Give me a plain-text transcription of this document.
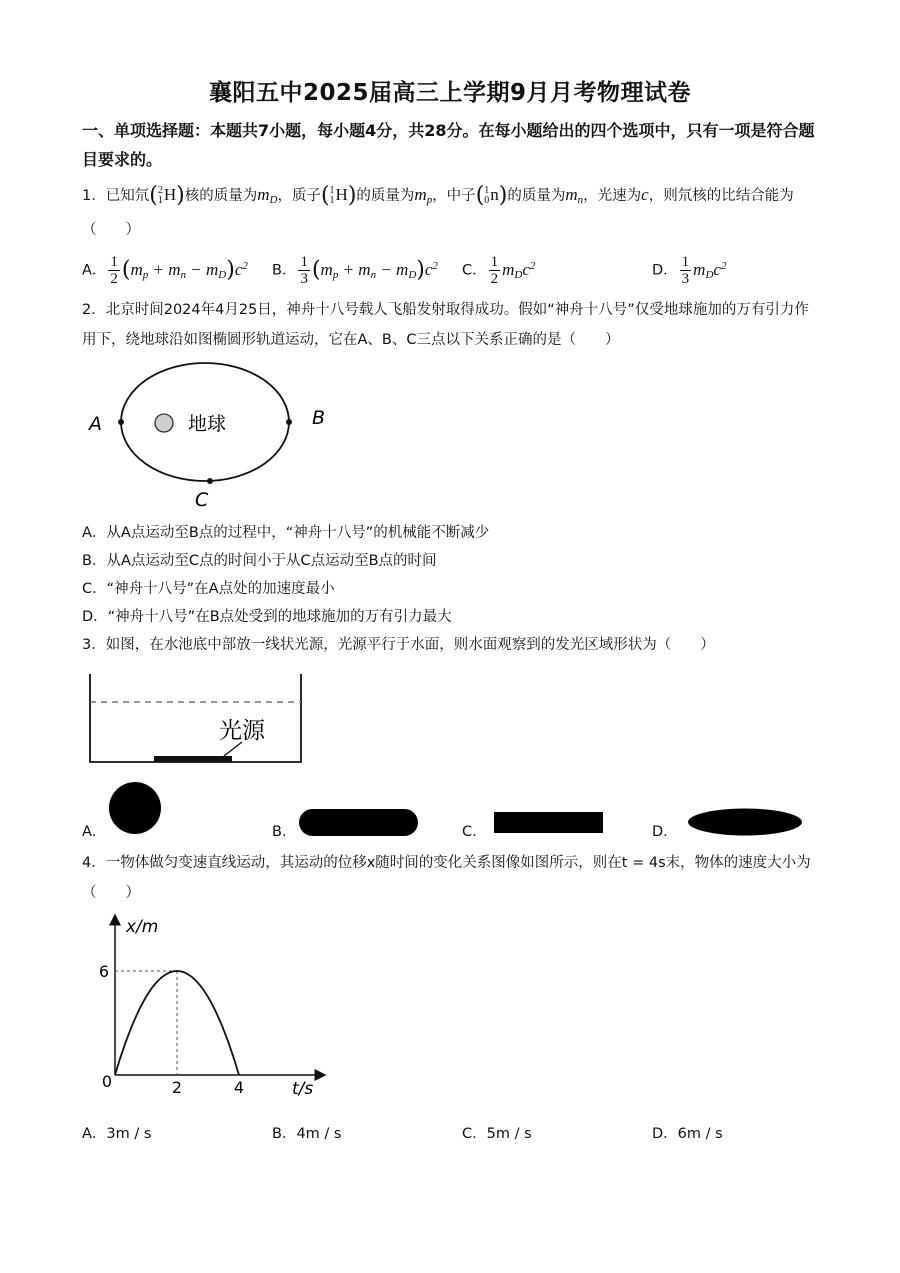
襄阳五中2025届高三上学期9月月考物理试卷
一、单项选择题：本题共7小题，每小题4分，共28分。在每小题给出的四个选项中，只有一项是符合题目要求的。
1．已知氘(2
1H)核的质量为$m_D$，质子(1
1H)的质量为$m_p$，中子(1
0n)的质量为$m_n$，光速为c，则氘核的比结合能为（　　）
A． $\frac{1}{2} (m_p + m_n - m_D)c^2$ B． $\frac{1}{3} (m_p + m_n - m_D)c^2$ C． $\frac{1}{2} m_Dc^2$	D． $\frac{1}{3} m_Dc^2$
2．北京时间2024年4月25日，神舟十八号载人飞船发射取得成功。假如“神舟十八号”仅受地球施加的万有引力作用下，绕地球沿如图椭圆形轨道运动，它在A、B、C三点以下关系正确的是（　　）
地球
A	B
C
A．从A点运动至B点的过程中，“神舟十八号”的机械能不断减少
B．从A点运动至C点的时间小于从C点运动至B点的时间
C．“神舟十八号”在A点处的加速度最小
D．“神舟十八号”在B点处受到的地球施加的万有引力最大
3．如图，在水池底中部放一线状光源，光源平行于水面，则水面观察到的发光区域形状为（　　）
光源
A．	B．	C．	D．
4．一物体做匀变速直线运动，其运动的位移x随时间的变化关系图像如图所示，则在t = 4s末，物体的速度大小为（　　）
x/m
t/s
6
0	2	4
A．3m / s	B．4m / s	C．5m / s	D．6m / s
